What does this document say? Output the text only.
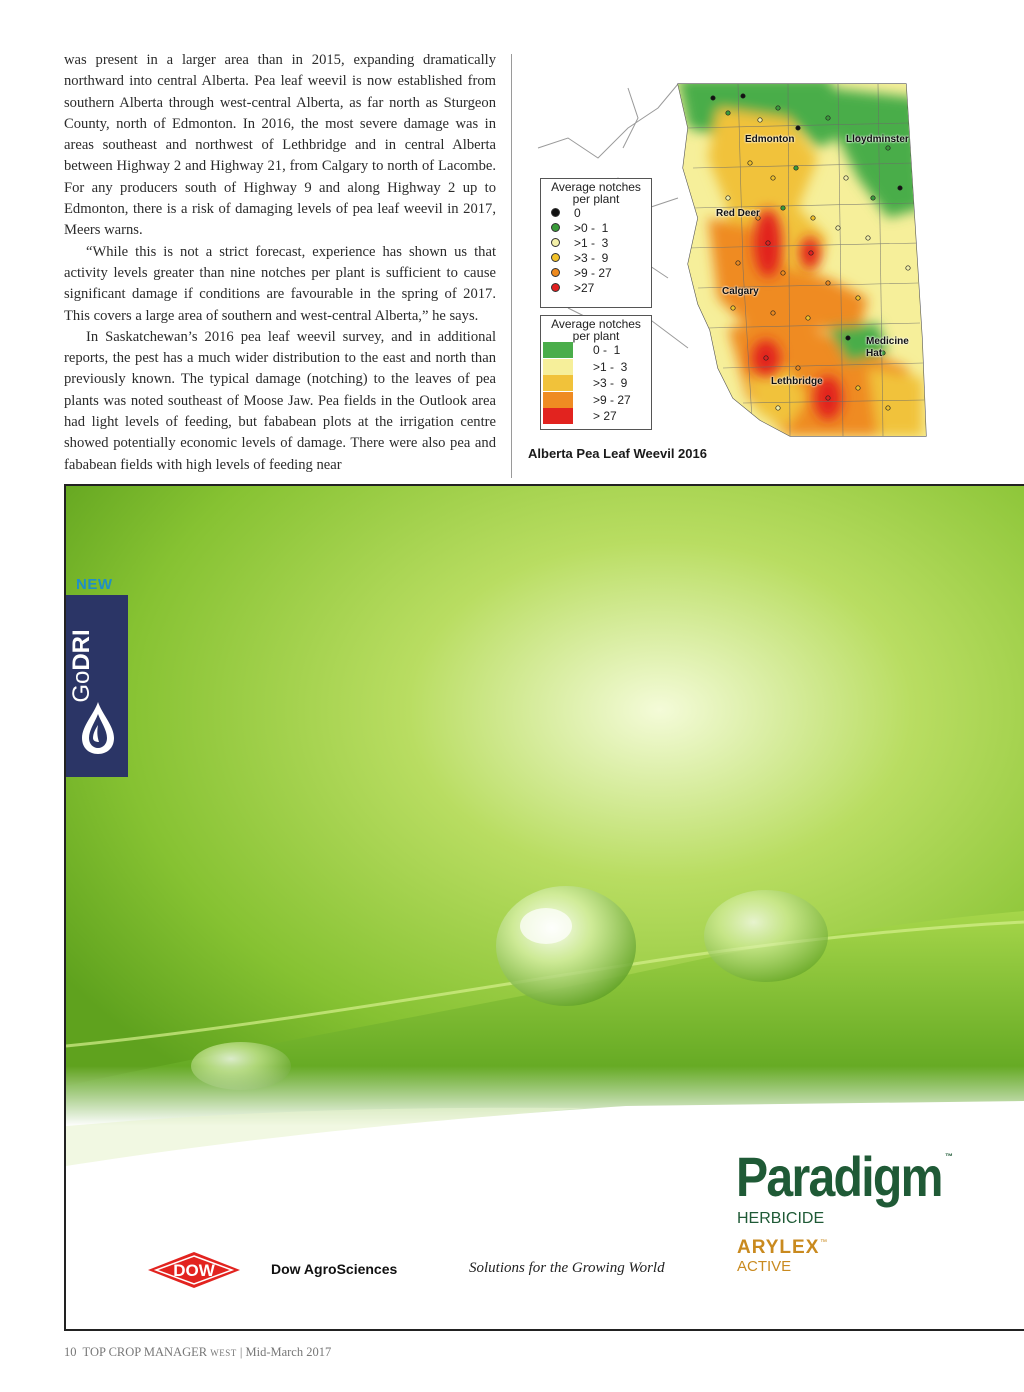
was present in a larger area than in 2015, expanding dramatically northward into central Alberta. Pea leaf weevil is now established from southern Alberta through west-central Alberta, as far north as Sturgeon County, north of Edmonton. In 2016, the most severe damage was in areas southeast and northwest of Lethbridge and in central Alberta between Highway 2 and Highway 21, from Calgary to north of Lacombe. For any producers south of Highway 9 and along Highway 2 up to Edmonton, there is a risk of damaging levels of pea leaf weevil in 2017, Meers warns.

“While this is not a strict forecast, experience has shown us that activity levels greater than nine notches per plant is sufficient to cause significant damage if conditions are favourable in the spring of 2017. This covers a large area of southern and west-central Alberta,” he says.

In Saskatchewan’s 2016 pea leaf weevil survey, and in additional reports, the pest has a much wider distribution to the east and north than previously known. The typical damage (notching) to the leaves of pea plants was noted southeast of Moose Jaw. Pea fields in the Outlook area had light levels of feeding, but fababean plots at the irrigation centre showed potentially economic levels of damage. There were also pea and fababean fields with high levels of feeding near

Edmonton	Lloydminster
Red Deer
Calgary
Medicine Hat
Lethbridge
Average notches per plant
0
>0 -  1
>1 -  3
>3 -  9
>9 - 27
>27
Average notches per plant
0 -  1
>1 -  3
>3 -  9
>9 - 27
> 27
Alberta Pea Leaf Weevil 2016
NEW
GoDRI
Paradigm ™
HERBICIDE
ARYLEX ™
ACTIVE
DOW	Dow AgroSciences	Solutions for the Growing World
10 TOP CROP MANAGER WEST | Mid-March 2017
